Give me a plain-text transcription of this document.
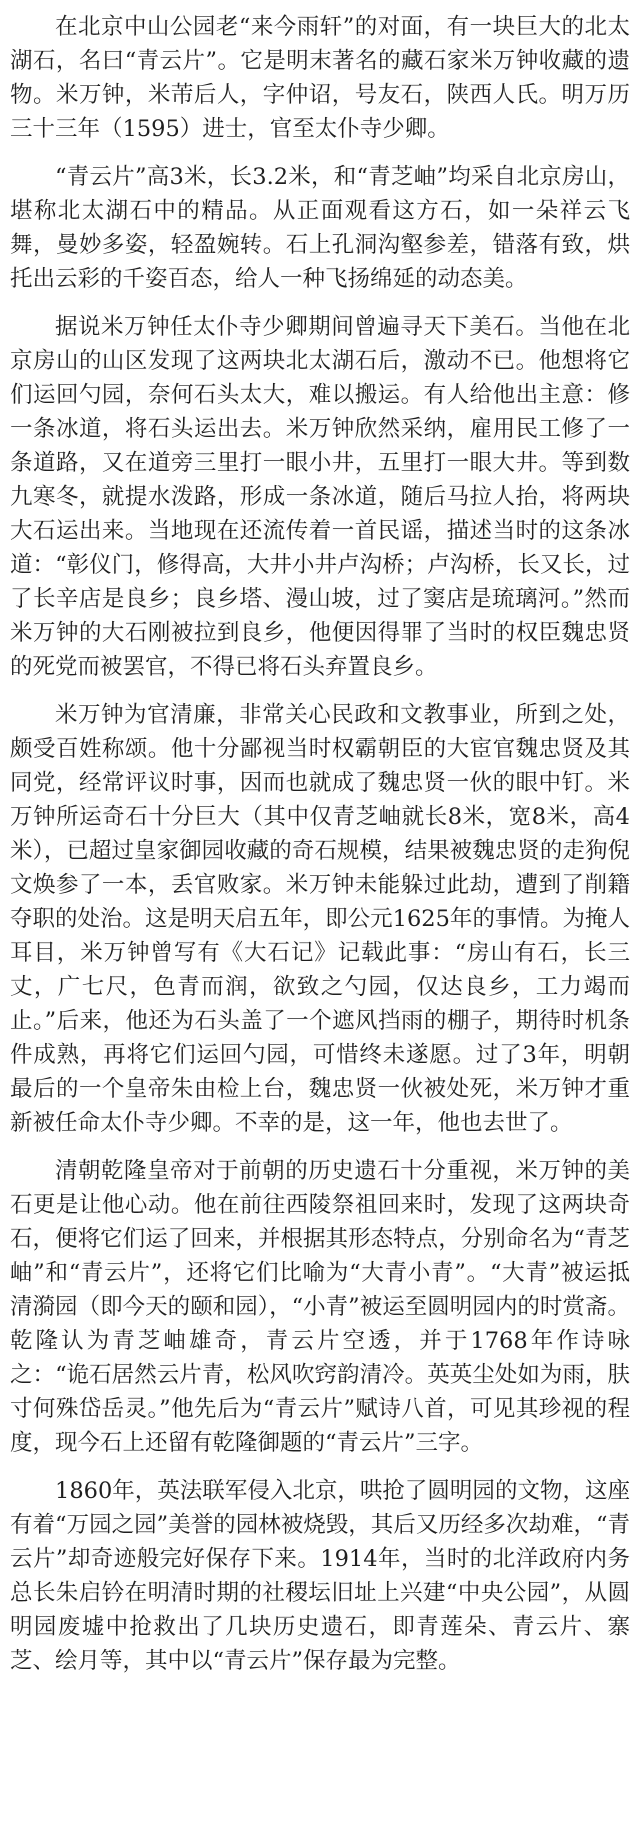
在北京中山公园老“来今雨轩”的对面，有一块巨大的北太湖石，名曰“青云片”。它是明末著名的藏石家米万钟收藏的遗物。米万钟，米芾后人，字仲诏，号友石，陕西人氏。明万历三十三年（1595）进士，官至太仆寺少卿。

“青云片”高3米，长3.2米，和“青芝岫”均采自北京房山，堪称北太湖石中的精品。从正面观看这方石，如一朵祥云飞舞，曼妙多姿，轻盈婉转。石上孔洞沟壑参差，错落有致，烘托出云彩的千姿百态，给人一种飞扬绵延的动态美。

据说米万钟任太仆寺少卿期间曾遍寻天下美石。当他在北京房山的山区发现了这两块北太湖石后，激动不已。他想将它们运回勺园，奈何石头太大，难以搬运。有人给他出主意：修一条冰道，将石头运出去。米万钟欣然采纳，雇用民工修了一条道路，又在道旁三里打一眼小井，五里打一眼大井。等到数九寒冬，就提水泼路，形成一条冰道，随后马拉人抬，将两块大石运出来。当地现在还流传着一首民谣，描述当时的这条冰道：“彰仪门，修得高，大井小井卢沟桥；卢沟桥，长又长，过了长辛店是良乡；良乡塔、漫山坡，过了窦店是琉璃河。”然而米万钟的大石刚被拉到良乡，他便因得罪了当时的权臣魏忠贤的死党而被罢官，不得已将石头弃置良乡。

米万钟为官清廉，非常关心民政和文教事业，所到之处，颇受百姓称颂。他十分鄙视当时权霸朝臣的大宦官魏忠贤及其同党，经常评议时事，因而也就成了魏忠贤一伙的眼中钉。米万钟所运奇石十分巨大（其中仅青芝岫就长8米，宽8米，高4米），已超过皇家御园收藏的奇石规模，结果被魏忠贤的走狗倪文焕参了一本，丢官败家。米万钟未能躲过此劫，遭到了削籍夺职的处治。这是明天启五年，即公元1625年的事情。为掩人耳目，米万钟曾写有《大石记》记载此事：“房山有石，长三丈，广七尺，色青而润，欲致之勺园，仅达良乡，工力竭而止。”后来，他还为石头盖了一个遮风挡雨的棚子，期待时机条件成熟，再将它们运回勺园，可惜终未遂愿。过了3年，明朝最后的一个皇帝朱由检上台，魏忠贤一伙被处死，米万钟才重新被任命太仆寺少卿。不幸的是，这一年，他也去世了。

清朝乾隆皇帝对于前朝的历史遗石十分重视，米万钟的美石更是让他心动。他在前往西陵祭祖回来时，发现了这两块奇石，便将它们运了回来，并根据其形态特点，分别命名为“青芝岫”和“青云片”，还将它们比喻为“大青小青”。“大青”被运抵清漪园（即今天的颐和园），“小青”被运至圆明园内的时赏斋。乾隆认为青芝岫雄奇，青云片空透，并于1768年作诗咏之：“诡石居然云片青，松风吹窍韵清冷。英英尘处如为雨，肤寸何殊岱岳灵。”他先后为“青云片”赋诗八首，可见其珍视的程度，现今石上还留有乾隆御题的“青云片”三字。

1860年，英法联军侵入北京，哄抢了圆明园的文物，这座有着“万园之园”美誉的园林被烧毁，其后又历经多次劫难，“青云片”却奇迹般完好保存下来。1914年，当时的北洋政府内务总长朱启钤在明清时期的社稷坛旧址上兴建“中央公园”，从圆明园废墟中抢救出了几块历史遗石，即青莲朵、青云片、寨芝、绘月等，其中以“青云片”保存最为完整。
